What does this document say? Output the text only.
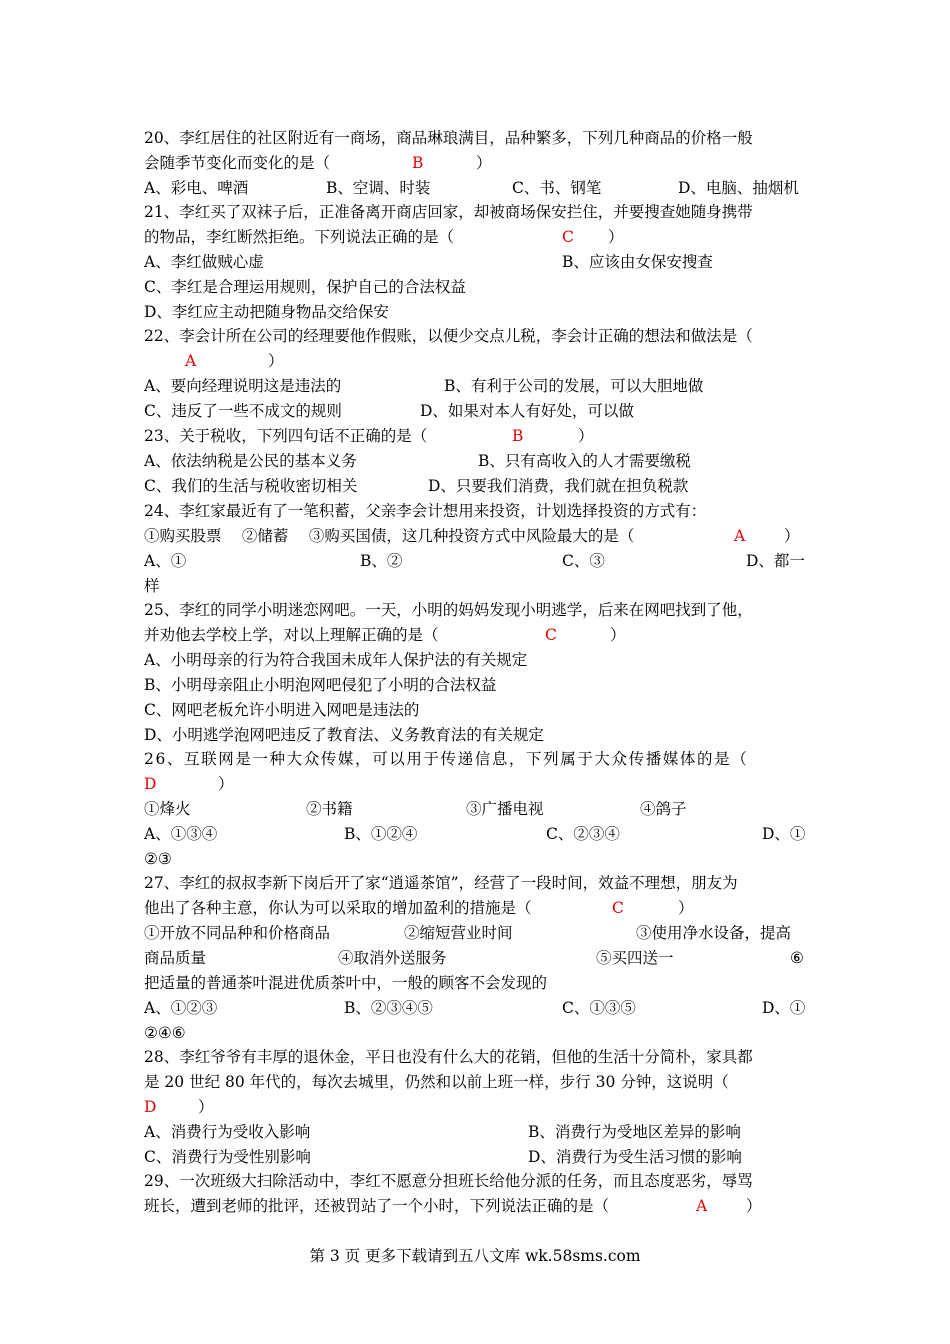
20、李红居住的社区附近有一商场，商品琳琅满目，品种繁多，下列几种商品的价格一般
会随季节变化而变化的是（	B	）
A、彩电、啤酒	B、空调、时装	C、书、钢笔	D、电脑、抽烟机
21、李红买了双袜子后，正准备离开商店回家，却被商场保安拦住，并要搜查她随身携带
的物品，李红断然拒绝。下列说法正确的是（	C ）
A、李红做贼心虚	B、应该由女保安搜查
C、李红是合理运用规则，保护自己的合法权益
D、李红应主动把随身物品交给保安
22、李会计所在公司的经理要他作假账，以便少交点儿税，李会计正确的想法和做法是（
A	）
A、要向经理说明这是违法的	B、有利于公司的发展，可以大胆地做
C、违反了一些不成文的规则	D、如果对本人有好处，可以做
23、关于税收，下列四句话不正确的是（	B	）
A、依法纳税是公民的基本义务	B、只有高收入的人才需要缴税
C、我们的生活与税收密切相关	D、只要我们消费，我们就在担负税款
24、李红家最近有了一笔积蓄，父亲李会计想用来投资，计划选择投资的方式有：
①购买股票　 ②储蓄　 ③购买国债，这几种投资方式中风险最大的是（	A	）
A、①	B、②	C、③	D、都一
样
25、李红的同学小明迷恋网吧。一天，小明的妈妈发现小明逃学，后来在网吧找到了他，
并劝他去学校上学，对以上理解正确的是（	C	）
A、小明母亲的行为符合我国未成年人保护法的有关规定
B、小明母亲阻止小明泡网吧侵犯了小明的合法权益
C、网吧老板允许小明进入网吧是违法的
D、小明逃学泡网吧违反了教育法、义务教育法的有关规定
26、互联网是一种大众传媒，可以用于传递信息，下列属于大众传播媒体的是（
D	）
①烽火	②书籍	③广播电视	④鸽子
A、①③④	B、①②④	C、②③④	D、①
②③
27、李红的叔叔李新下岗后开了家“逍遥茶馆”，经营了一段时间，效益不理想，朋友为
他出了各种主意，你认为可以采取的增加盈利的措施是（	C	）
①开放不同品种和价格商品	②缩短营业时间	③使用净水设备，提高
商品质量	④取消外送服务	⑤买四送一	⑥
把适量的普通茶叶混进优质茶叶中，一般的顾客不会发现的
A、①②③	B、②③④⑤	C、①③⑤	D、①
②④⑥
28、李红爷爷有丰厚的退休金，平日也没有什么大的花销，但他的生活十分简朴，家具都
是 20 世纪 80 年代的，每次去城里，仍然和以前上班一样，步行 30 分钟，这说明（
D	）
A、消费行为受收入影响	B、消费行为受地区差异的影响
C、消费行为受性别影响	D、消费行为受生活习惯的影响
29、一次班级大扫除活动中，李红不愿意分担班长给他分派的任务，而且态度恶劣，辱骂
班长，遭到老师的批评，还被罚站了一个小时，下列说法正确的是（	A	）
第 3 页 更多下载请到五八文库 wk.58sms.com
